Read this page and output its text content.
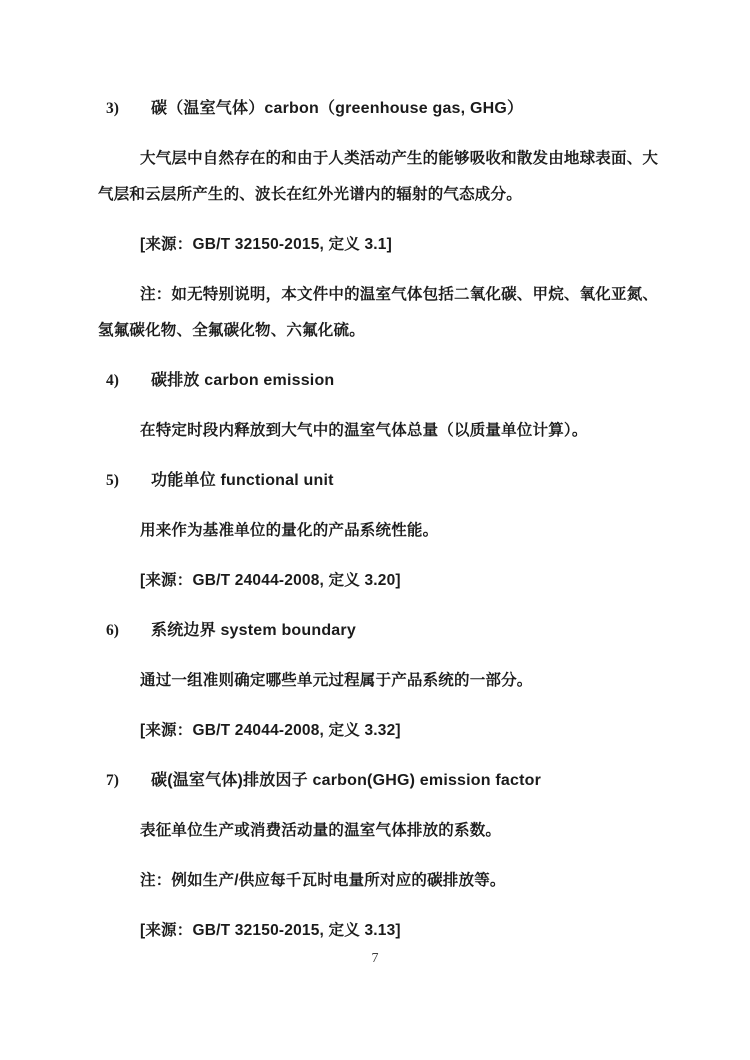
3) 碳（温室气体）carbon（greenhouse gas, GHG）
大气层中自然存在的和由于人类活动产生的能够吸收和散发由地球表面、大
气层和云层所产生的、波长在红外光谱内的辐射的气态成分。
[来源：GB/T 32150-2015, 定义 3.1]
注：如无特别说明，本文件中的温室气体包括二氧化碳、甲烷、氧化亚氮、
氢氟碳化物、全氟碳化物、六氟化硫。
4) 碳排放 carbon emission
在特定时段内释放到大气中的温室气体总量（以质量单位计算）。
5) 功能单位 functional unit
用来作为基准单位的量化的产品系统性能。
[来源：GB/T 24044-2008, 定义 3.20]
6) 系统边界 system boundary
通过一组准则确定哪些单元过程属于产品系统的一部分。
[来源：GB/T 24044-2008, 定义 3.32]
7) 碳(温室气体)排放因子 carbon(GHG) emission factor
表征单位生产或消费活动量的温室气体排放的系数。
注：例如生产/供应每千瓦时电量所对应的碳排放等。
[来源：GB/T 32150-2015, 定义 3.13]
7
